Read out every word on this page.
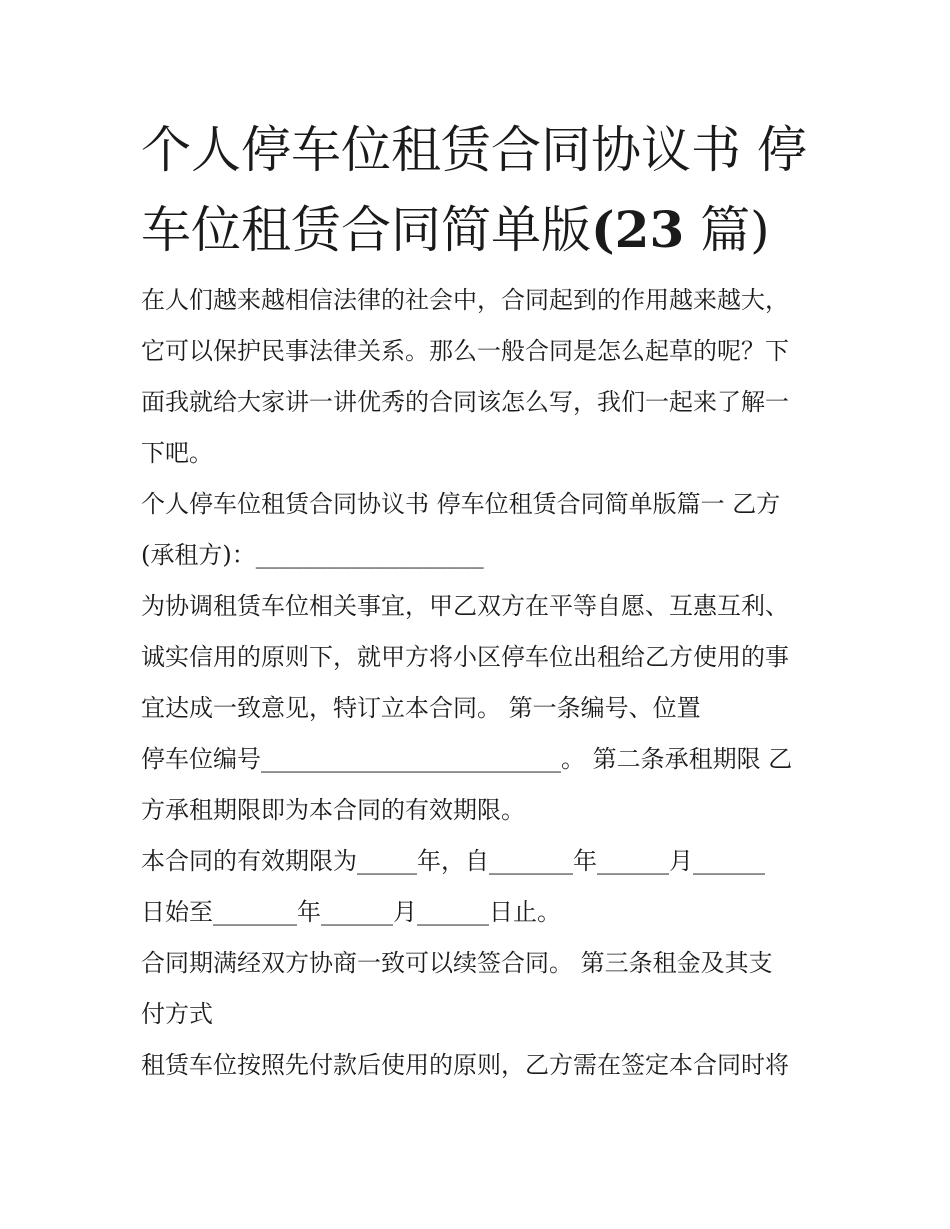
个人停车位租赁合同协议书 停
车位租赁合同简单版(23 篇)
在人们越来越相信法律的社会中，合同起到的作用越来越大，
它可以保护民事法律关系。那么一般合同是怎么起草的呢？下
面我就给大家讲一讲优秀的合同该怎么写，我们一起来了解一
下吧。
个人停车位租赁合同协议书 停车位租赁合同简单版篇一 乙方
(承租方)：___________________
为协调租赁车位相关事宜，甲乙双方在平等自愿、互惠互利、
诚实信用的原则下，就甲方将小区停车位出租给乙方使用的事
宜达成一致意见，特订立本合同。 第一条编号、位置
停车位编号_________________________。 第二条承租期限 乙
方承租期限即为本合同的有效期限。
本合同的有效期限为_____年，自_______年______月______
日始至_______年______月______日止。
合同期满经双方协商一致可以续签合同。 第三条租金及其支
付方式
租赁车位按照先付款后使用的原则，乙方需在签定本合同时将
